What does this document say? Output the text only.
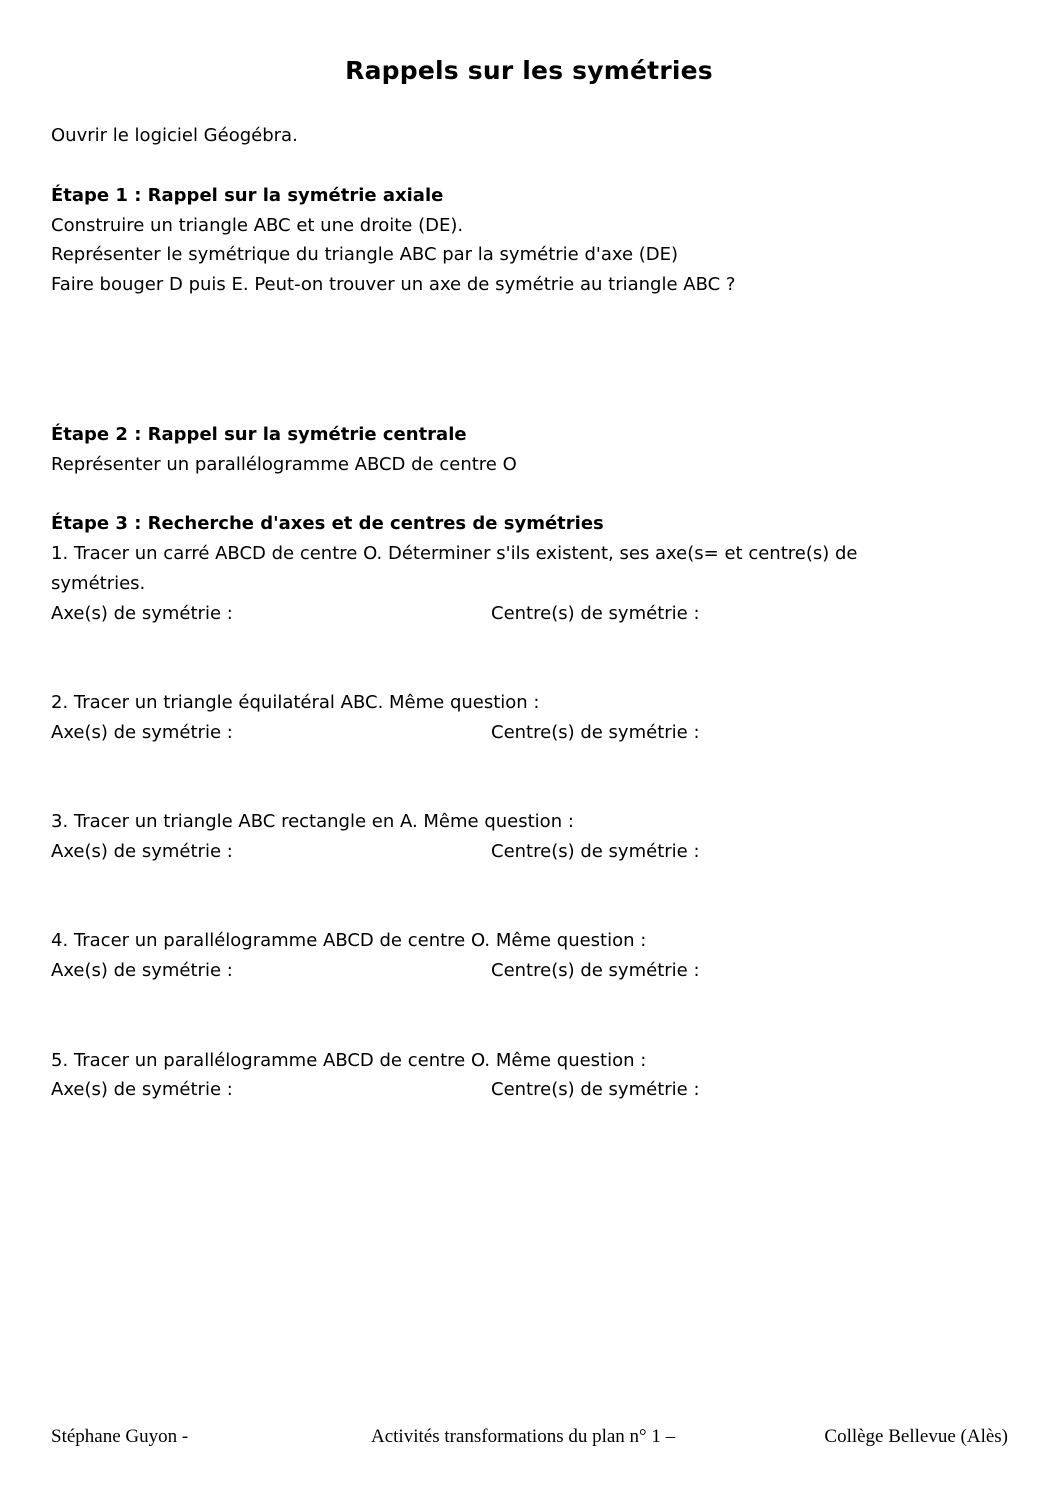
Rappels sur les symétries
Ouvrir le logiciel Géogébra.
Étape 1 : Rappel sur la symétrie axiale
Construire un triangle ABC et une droite (DE).
Représenter le symétrique du triangle ABC par la symétrie d'axe (DE)
Faire bouger D puis E. Peut-on trouver un axe de symétrie au triangle ABC ?
Étape 2 : Rappel sur la symétrie centrale
Représenter un parallélogramme ABCD de centre O
Étape 3 : Recherche d'axes et de centres de symétries
1. Tracer un carré ABCD de centre O. Déterminer s'ils existent, ses axe(s= et centre(s) de
symétries.
Axe(s) de symétrie :	Centre(s) de symétrie :
2. Tracer un triangle équilatéral ABC. Même question :
Axe(s) de symétrie :	Centre(s) de symétrie :
3. Tracer un triangle ABC rectangle en A. Même question :
Axe(s) de symétrie :	Centre(s) de symétrie :
4. Tracer un parallélogramme ABCD de centre O. Même question :
Axe(s) de symétrie :	Centre(s) de symétrie :
5. Tracer un parallélogramme ABCD de centre O. Même question :
Axe(s) de symétrie :	Centre(s) de symétrie :
Stéphane Guyon -	Activités transformations du plan n° 1 –	Collège Bellevue (Alès)
